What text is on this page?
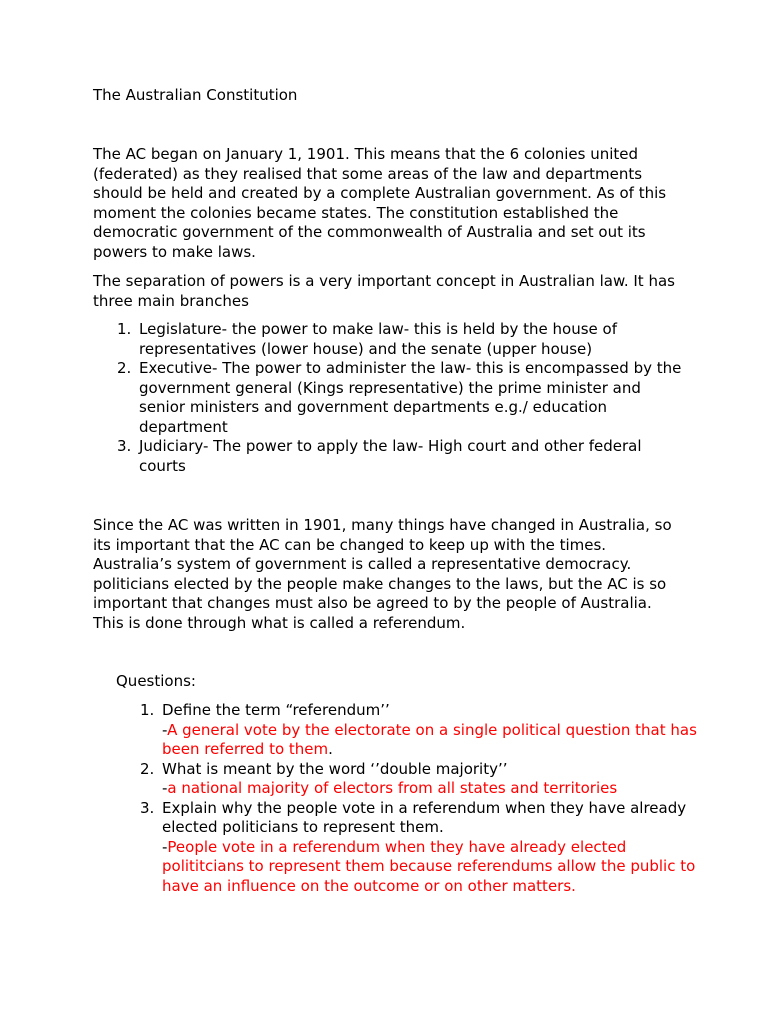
The Australian Constitution

The AC began on January 1, 1901. This means that the 6 colonies united (federated) as they realised that some areas of the law and departments should be held and created by a complete Australian government. As of this moment the colonies became states. The constitution established the democratic government of the commonwealth of Australia and set out its powers to make laws.

The separation of powers is a very important concept in Australian law. It has three main branches

1. Legislature- the power to make law- this is held by the house of representatives (lower house) and the senate (upper house)
2. Executive- The power to administer the law- this is encompassed by the government general (Kings representative) the prime minister and senior ministers and government departments e.g./ education department
3. Judiciary- The power to apply the law- High court and other federal courts

Since the AC was written in 1901, many things have changed in Australia, so its important that the AC can be changed to keep up with the times. Australia’s system of government is called a representative democracy. politicians elected by the people make changes to the laws, but the AC is so important that changes must also be agreed to by the people of Australia. This is done through what is called a referendum.

Questions:

1. Define the term “referendum’’
-A general vote by the electorate on a single political question that has been referred to them.
2. What is meant by the word ‘’double majority’’
-a national majority of electors from all states and territories
3. Explain why the people vote in a referendum when they have already elected politicians to represent them.
-People vote in a referendum when they have already elected polititcians to represent them because referendums allow the public to have an influence on the outcome or on other matters.
